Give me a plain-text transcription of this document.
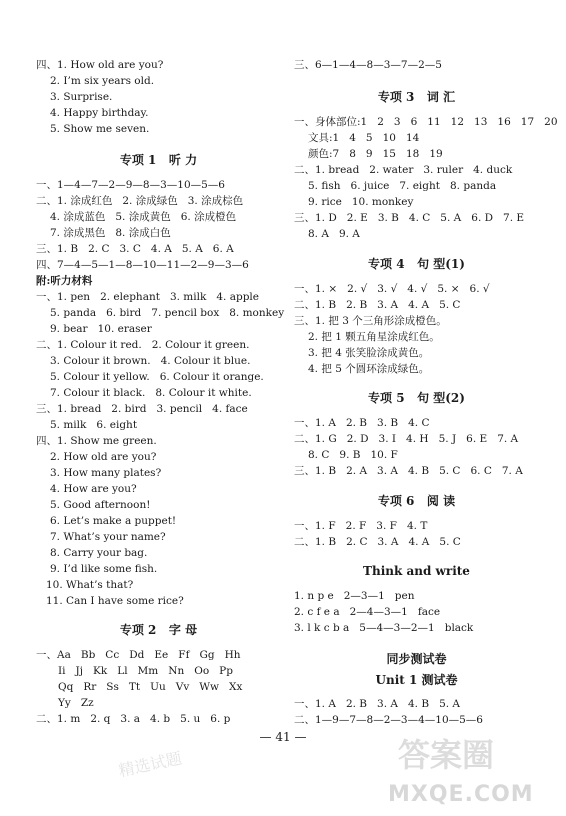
四、1. How old are you?
2. I’m six years old.
3. Surprise.
4. Happy birthday.
5. Show me seven.
专项 1   听 力
一、1—4—7—2—9—8—3—10—5—6
二、1. 涂成红色   2. 涂成绿色   3. 涂成棕色
4. 涂成蓝色   5. 涂成黄色   6. 涂成橙色
7. 涂成黑色   8. 涂成白色
三、1. B   2. C   3. C   4. A   5. A   6. A
四、7—4—5—1—8—10—11—2—9—3—6
附:听力材料
一、1. pen   2. elephant   3. milk   4. apple
5. panda   6. bird   7. pencil box   8. monkey
9. bear   10. eraser
二、1. Colour it red.   2. Colour it green.
3. Colour it brown.   4. Colour it blue.
5. Colour it yellow.   6. Colour it orange.
7. Colour it black.   8. Colour it white.
三、1. bread   2. bird   3. pencil   4. face
5. milk   6. eight
四、1. Show me green.
2. How old are you?
3. How many plates?
4. How are you?
5. Good afternoon!
6. Let’s make a puppet!
7. What’s your name?
8. Carry your bag.
9. I’d like some fish.
10. What’s that?
11. Can I have some rice?
专项 2   字 母
一、Aa   Bb   Cc   Dd   Ee   Ff   Gg   Hh
Ii   Jj   Kk   Ll   Mm   Nn   Oo   Pp
Qq   Rr   Ss   Tt   Uu   Vv   Ww   Xx
Yy   Zz
二、1. m   2. q   3. a   4. b   5. u   6. p
三、6—1—4—8—3—7—2—5
专项 3   词 汇
一、身体部位:1   2   3   6   11   12   13   16   17   20
文具:1   4   5   10   14
颜色:7   8   9   15   18   19
二、1. bread   2. water   3. ruler   4. duck
5. fish   6. juice   7. eight   8. panda
9. rice   10. monkey
三、1. D   2. E   3. B   4. C   5. A   6. D   7. E
8. A   9. A
专项 4   句 型(1)
一、1. ×   2. √   3. √   4. √   5. ×   6. √
二、1. B   2. B   3. A   4. A   5. C
三、1. 把 3 个三角形涂成橙色。
2. 把 1 颗五角星涂成红色。
3. 把 4 张笑脸涂成黄色。
4. 把 5 个圆环涂成绿色。
专项 5   句 型(2)
一、1. A   2. B   3. B   4. C
二、1. G   2. D   3. I   4. H   5. J   6. E   7. A
8. C   9. B   10. F
三、1. B   2. A   3. A   4. B   5. C   6. C   7. A
专项 6   阅 读
一、1. F   2. F   3. F   4. T
二、1. B   2. C   3. A   4. A   5. C
Think and write
1. n p e   2—3—1   pen
2. c f e a   2—4—3—1   face
3. l k c b a   5—4—3—2—1   black
同步测试卷
Unit 1 测试卷
一、1. A   2. B   3. A   4. B   5. A
二、1—9—7—8—2—3—4—10—5—6
— 41 —
精选试题	答案圈
MXQE.COM
